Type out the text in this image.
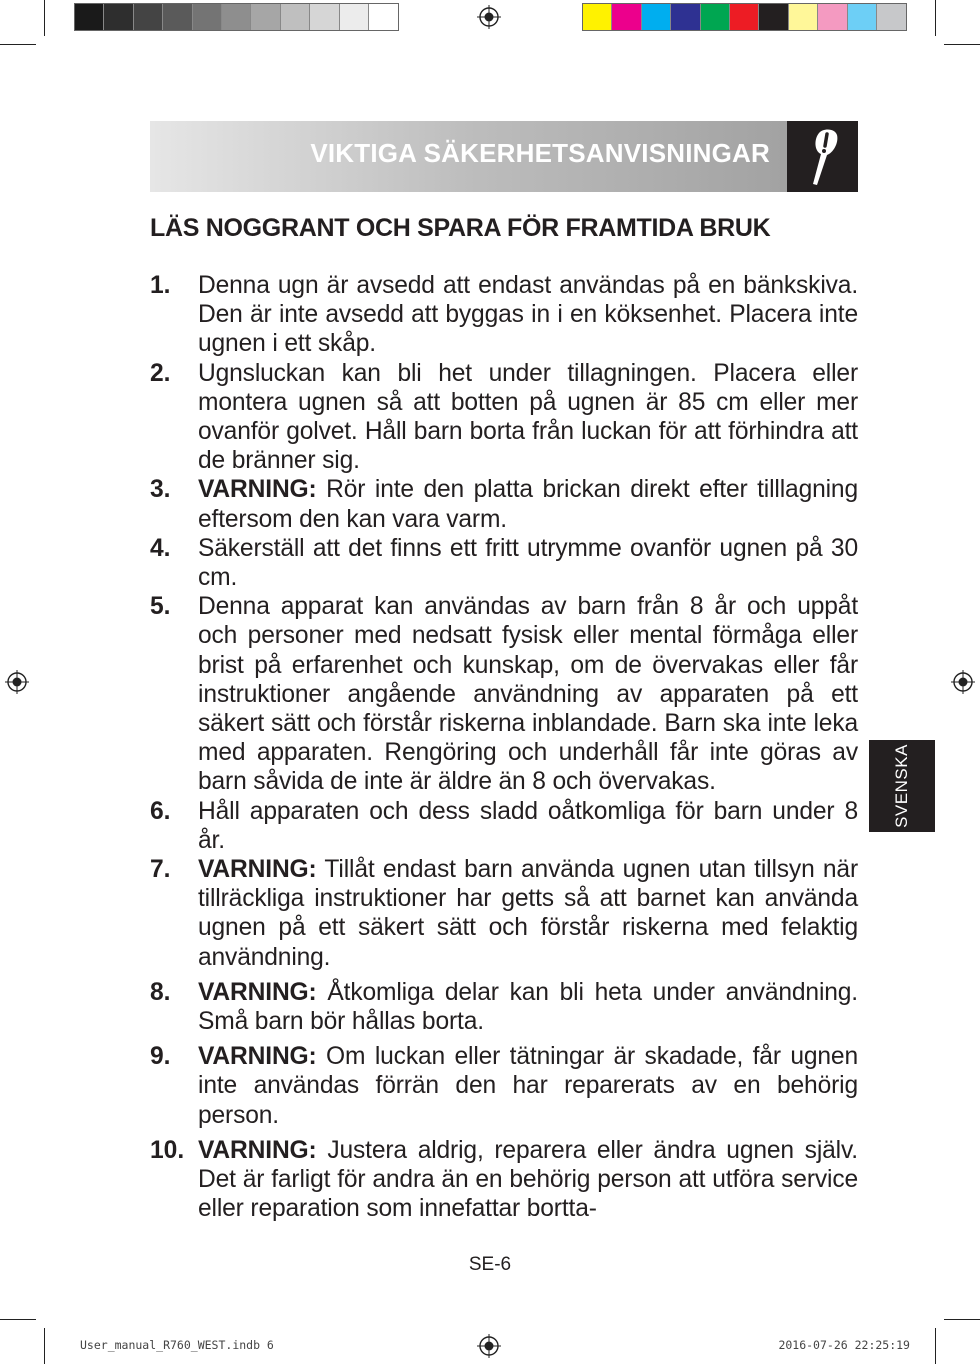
VIKTIGA SÄKERHETSANVISNINGAR
LÄS NOGGRANT OCH SPARA FÖR FRAMTIDA BRUK
1.	Denna ugn är avsedd att endast användas på en bänkskiva. Den är inte avsedd att byggas in i en köksenhet. Placera inte ugnen i ett skåp.
2.	Ugnsluckan kan bli het under tillagningen. Placera eller montera ugnen så att botten på ugnen är 85 cm eller mer ovanför golvet. Håll barn borta från luckan för att förhindra att de bränner sig.
3.	VARNING: Rör inte den platta brickan direkt efter tilllagning eftersom den kan vara varm.
4.	Säkerställ att det finns ett fritt utrymme ovanför ugnen på 30 cm.
5.	Denna apparat kan användas av barn från 8 år och uppåt och personer med nedsatt fysisk eller mental förmåga eller brist på erfarenhet och kunskap, om de övervakas eller får instruktioner angående användning av apparaten på ett säkert sätt och förstår riskerna inblandade. Barn ska inte leka med apparaten. Rengöring och underhåll får inte göras av barn såvida de inte är äldre än 8 och övervakas.
6.	Håll apparaten och dess sladd oåtkomliga för barn under 8 år.
7.	VARNING: Tillåt endast barn använda ugnen utan tillsyn när tillräckliga instruktioner har getts så att barnet kan använda ugnen på ett säkert sätt och förstår riskerna med felaktig användning.
8.	VARNING: Åtkomliga delar kan bli heta under användning. Små barn bör hållas borta.
9.	VARNING: Om luckan eller tätningar är skadade, får ugnen inte användas förrän den har reparerats av en behörig person.
10. VARNING: Justera aldrig, reparera eller ändra ugnen själv. Det är farligt för andra än en behörig person att utföra service eller reparation som innefattar bortta-
SVENSKA
SE-6
User_manual_R760_WEST.indb 6	2016-07-26 22:25:19
